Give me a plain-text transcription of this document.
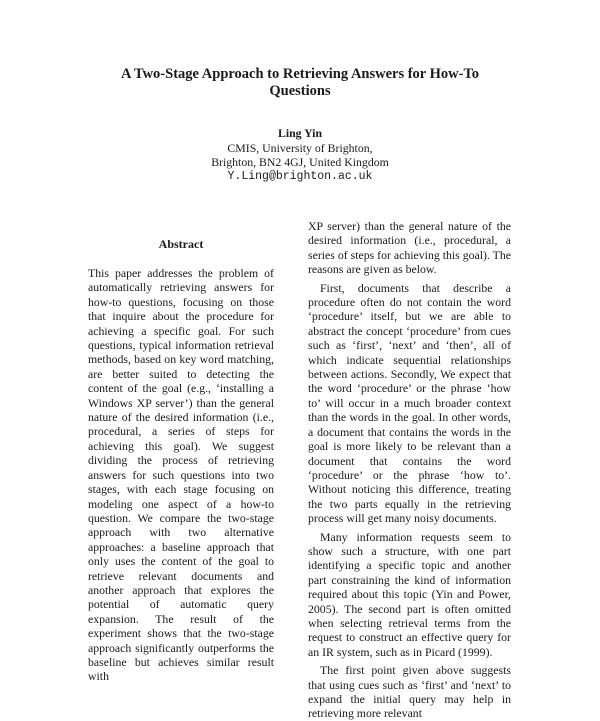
A Two-Stage Approach to Retrieving Answers for How-To Questions
Ling Yin
CMIS, University of Brighton,
Brighton, BN2 4GJ, United Kingdom
Y.Ling@brighton.ac.uk
Abstract

This paper addresses the problem of automatically retrieving answers for how-to questions, focusing on those that inquire about the procedure for achieving a specific goal. For such questions, typical information retrieval methods, based on key word matching, are better suited to detecting the content of the goal (e.g., ‘installing a Windows XP server’) than the general nature of the desired information (i.e., procedural, a series of steps for achieving this goal). We suggest dividing the process of retrieving answers for such questions into two stages, with each stage focusing on modeling one aspect of a how-to question. We compare the two-stage approach with two alternative approaches: a baseline approach that only uses the content of the goal to retrieve relevant documents and another approach that explores the potential of automatic query expansion. The result of the experiment shows that the two-stage approach significantly outperforms the baseline but achieves similar result with

XP server) than the general nature of the desired information (i.e., procedural, a series of steps for achieving this goal). The reasons are given as below.

First, documents that describe a procedure often do not contain the word ‘procedure’ itself, but we are able to abstract the concept ‘procedure’ from cues such as ‘first’, ‘next’ and ‘then’, all of which indicate sequential relationships between actions. Secondly, We expect that the word ‘procedure’ or the phrase ‘how to’ will occur in a much broader context than the words in the goal. In other words, a document that contains the words in the goal is more likely to be relevant than a document that contains the word ‘procedure’ or the phrase ‘how to’. Without noticing this difference, treating the two parts equally in the retrieving process will get many noisy documents.

Many information requests seem to show such a structure, with one part identifying a specific topic and another part constraining the kind of information required about this topic (Yin and Power, 2005). The second part is often omitted when selecting retrieval terms from the request to construct an effective query for an IR system, such as in Picard (1999).

The first point given above suggests that using cues such as ‘first’ and ‘next’ to expand the initial query may help in retrieving more relevant
